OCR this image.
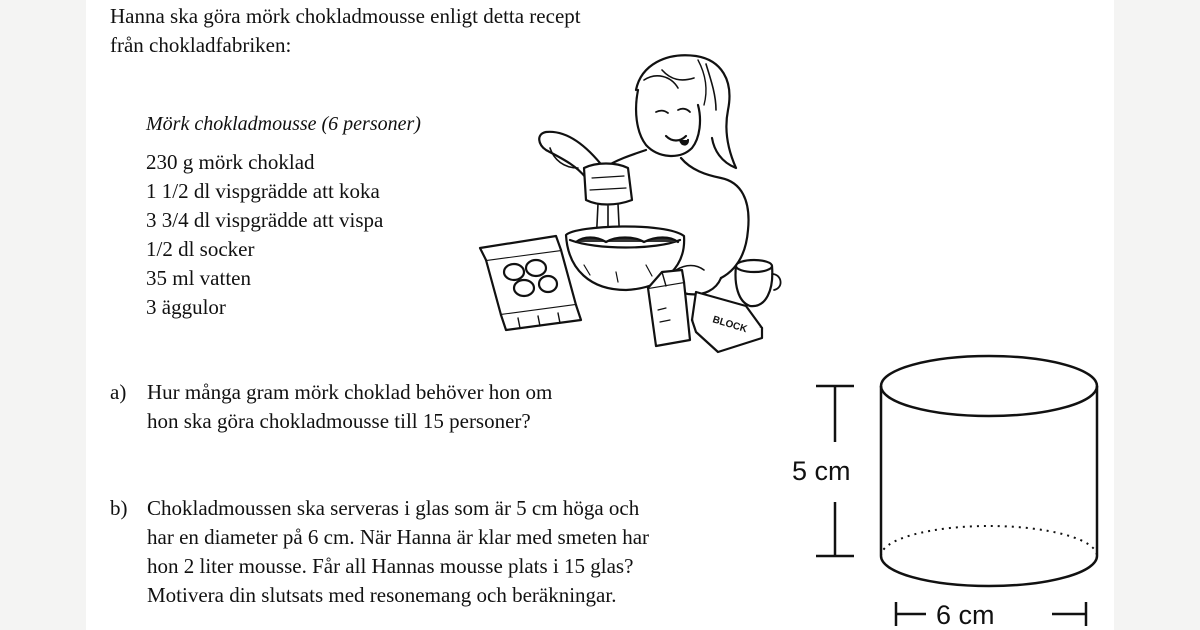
Hanna ska göra mörk chokladmousse enligt detta recept
från chokladfabriken:
Mörk chokladmousse (6 personer)
230 g mörk choklad
1 1/2 dl vispgrädde att koka
3 3/4 dl vispgrädde att vispa
1/2 dl socker
35 ml vatten
3 äggulor
BLOCK
a) Hur många gram mörk choklad behöver hon om
hon ska göra chokladmousse till 15 personer?
b) Chokladmoussen ska serveras i glas som är 5 cm höga och
har en diameter på 6 cm. När Hanna är klar med smeten har
hon 2 liter mousse. Får all Hannas mousse plats i 15 glas?
Motivera din slutsats med resonemang och beräkningar.
5 cm
6 cm
